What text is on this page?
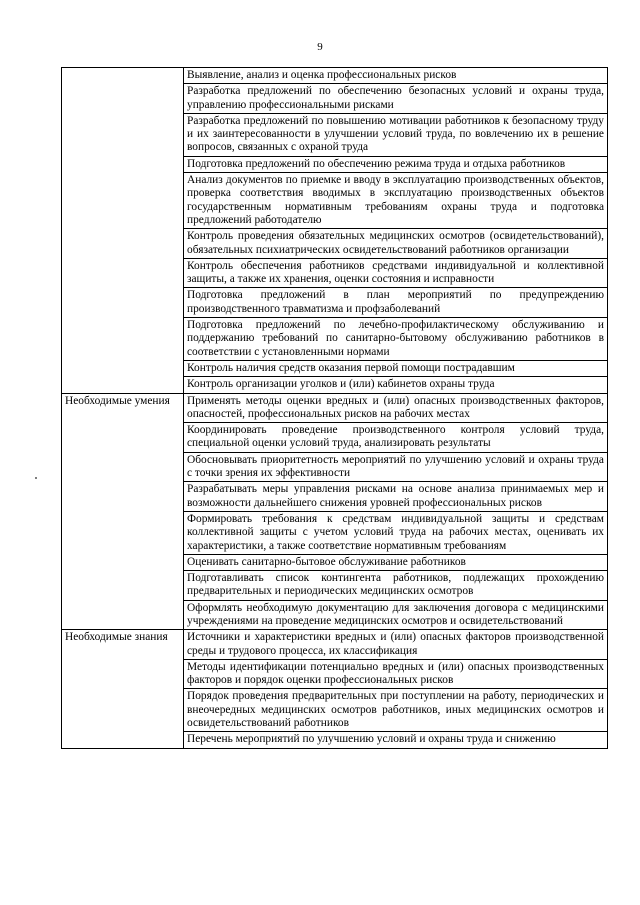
9
	Выявление, анализ и оценка профессиональных рисков
	Разработка предложений по обеспечению безопасных условий и охраны труда, управлению профессиональными рисками
	Разработка предложений по повышению мотивации работников к безопасному труду и их заинтересованности в улучшении условий труда, по вовлечению их в решение вопросов, связанных с охраной труда
	Подготовка предложений по обеспечению режима труда и отдыха работников
	Анализ документов по приемке и вводу в эксплуатацию производственных объектов, проверка соответствия вводимых в эксплуатацию производственных объектов государственным нормативным требованиям охраны труда и подготовка предложений работодателю
	Контроль проведения обязательных медицинских осмотров (освидетельствований), обязательных психиатрических освидетельствований работников организации
	Контроль обеспечения работников средствами индивидуальной и коллективной защиты, а также их хранения, оценки состояния и исправности
	Подготовка предложений в план мероприятий по предупреждению производственного травматизма и профзаболеваний
	Подготовка предложений по лечебно-профилактическому обслуживанию и поддержанию требований по санитарно-бытовому обслуживанию работников в соответствии с установленными нормами
	Контроль наличия средств оказания первой помощи пострадавшим
	Контроль организации уголков и (или) кабинетов охраны труда
Необходимые умения	Применять методы оценки вредных и (или) опасных производственных факторов, опасностей, профессиональных рисков на рабочих местах
	Координировать проведение производственного контроля условий труда, специальной оценки условий труда, анализировать результаты
	Обосновывать приоритетность мероприятий по улучшению условий и охраны труда с точки зрения их эффективности
	Разрабатывать меры управления рисками на основе анализа принимаемых мер и возможности дальнейшего снижения уровней профессиональных рисков
	Формировать требования к средствам индивидуальной защиты и средствам коллективной защиты с учетом условий труда на рабочих местах, оценивать их характеристики, а также соответствие нормативным требованиям
	Оценивать санитарно-бытовое обслуживание работников
	Подготавливать список контингента работников, подлежащих прохождению предварительных и периодических медицинских осмотров
	Оформлять необходимую документацию для заключения договора с медицинскими учреждениями на проведение медицинских осмотров и освидетельствований
Необходимые знания	Источники и характеристики вредных и (или) опасных факторов производственной среды и трудового процесса, их классификация
	Методы идентификации потенциально вредных и (или) опасных производственных факторов и порядок оценки профессиональных рисков
	Порядок проведения предварительных при поступлении на работу, периодических и внеочередных медицинских осмотров работников, иных медицинских осмотров и освидетельствований работников
	Перечень мероприятий по улучшению условий и охраны труда и снижению
